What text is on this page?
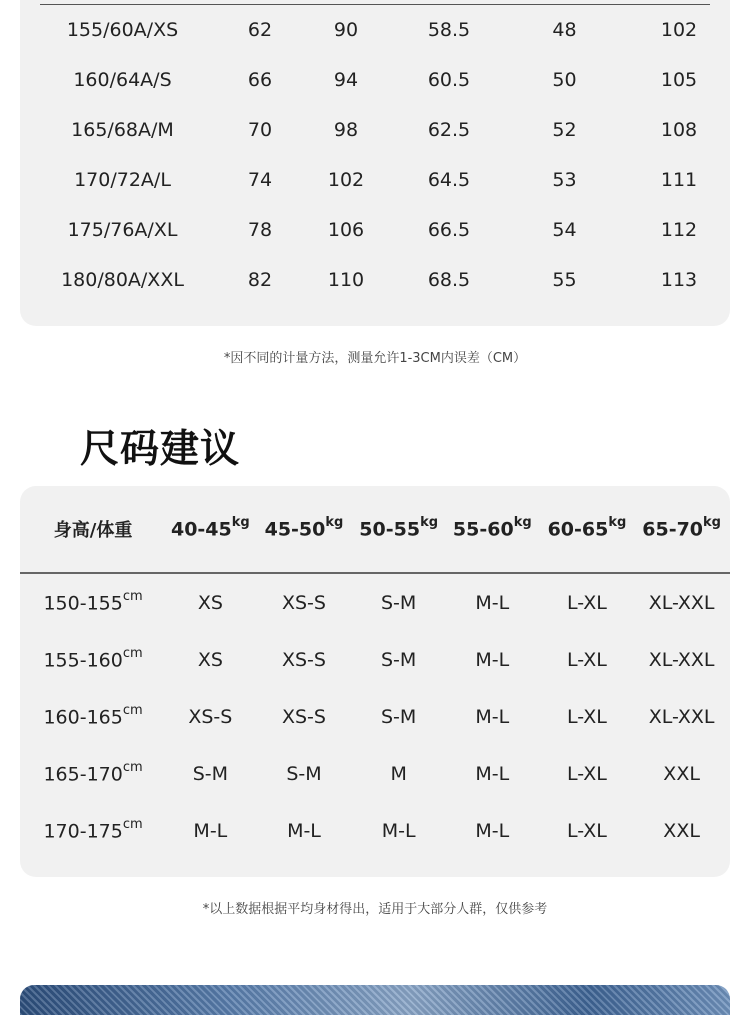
155/60A/XS	62	90	58.5	48	102
160/64A/S	66	94	60.5	50	105
165/68A/M	70	98	62.5	52	108
170/72A/L	74	102	64.5	53	111
175/76A/XL	78	106	66.5	54	112
180/80A/XXL	82	110	68.5	55	113
*因不同的计量方法，测量允许1-3CM内误差（CM）
尺码建议
身高/体重	$40-45^{kg}$	$45-50^{kg}$	$50-55^{kg}$	$55-60^{kg}$	$60-65^{kg}$	$65-70^{kg}$
$150-155^{cm}$	XS	XS-S	S-M	M-L	L-XL	XL-XXL
$155-160^{cm}$	XS	XS-S	S-M	M-L	L-XL	XL-XXL
$160-165^{cm}$	XS-S	XS-S	S-M	M-L	L-XL	XL-XXL
$165-170^{cm}$	S-M	S-M	M	M-L	L-XL	XXL
$170-175^{cm}$	M-L	M-L	M-L	M-L	L-XL	XXL
*以上数据根据平均身材得出，适用于大部分人群，仅供参考
